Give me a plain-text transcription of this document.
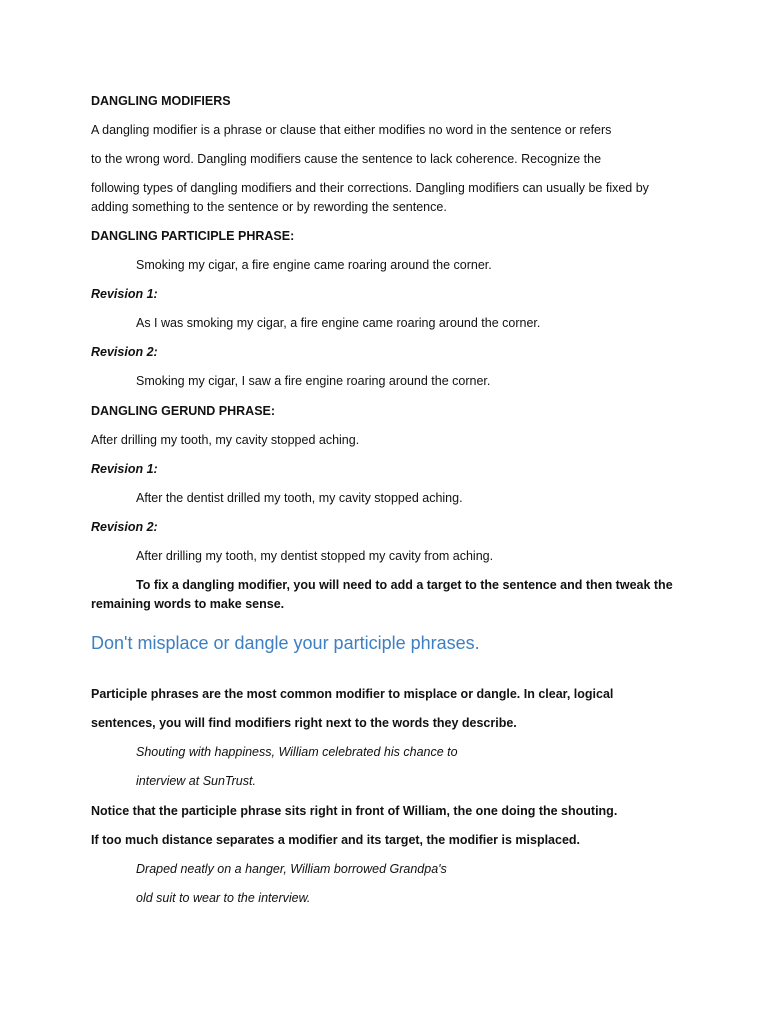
DANGLING MODIFIERS
A dangling modifier is a phrase or clause that either modifies no word in the sentence or refers
to the wrong word. Dangling modifiers cause the sentence to lack coherence. Recognize the
following types of dangling modifiers and their corrections. Dangling modifiers can usually be fixed by
adding something to the sentence or by rewording the sentence.
DANGLING PARTICIPLE PHRASE:
Smoking my cigar, a fire engine came roaring around the corner.
Revision 1:
As I was smoking my cigar, a fire engine came roaring around the corner.
Revision 2:
Smoking my cigar, I saw a fire engine roaring around the corner.
DANGLING GERUND PHRASE:
After drilling my tooth, my cavity stopped aching.
Revision 1:
After the dentist drilled my tooth, my cavity stopped aching.
Revision 2:
After drilling my tooth, my dentist stopped my cavity from aching.
To fix a dangling modifier, you will need to add a target to the sentence and then tweak the
remaining words to make sense.
Don't misplace or dangle your participle phrases.
Participle phrases are the most common modifier to misplace or dangle. In clear, logical
sentences, you will find modifiers right next to the words they describe.
Shouting with happiness, William celebrated his chance to
interview at SunTrust.
Notice that the participle phrase sits right in front of William, the one doing the shouting.
If too much distance separates a modifier and its target, the modifier is misplaced.
Draped neatly on a hanger, William borrowed Grandpa's
old suit to wear to the interview.
